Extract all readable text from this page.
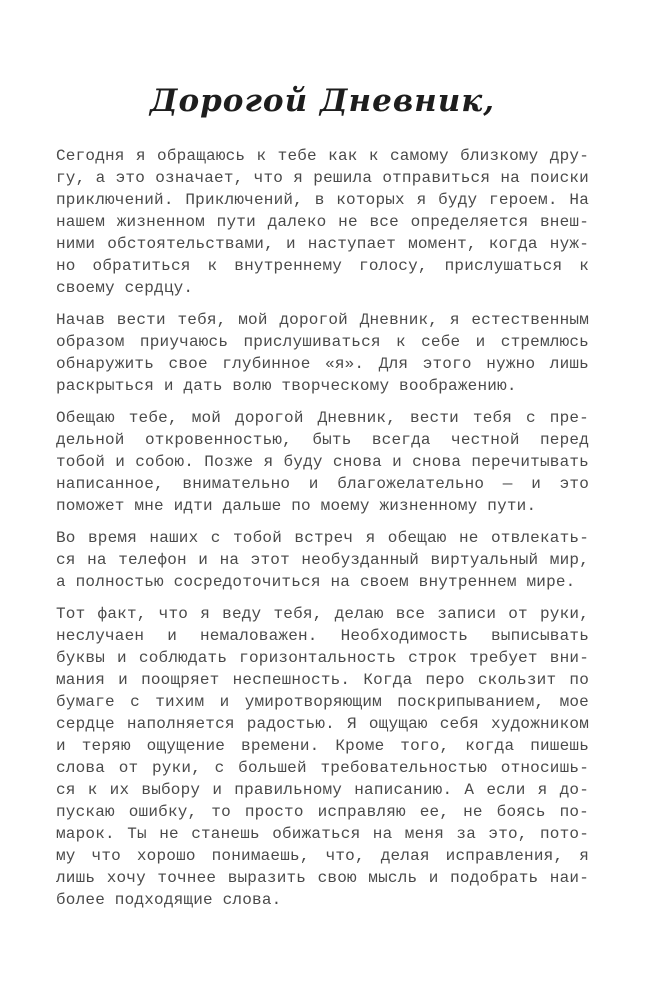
Дорогой Дневник,
Сегодня я обращаюсь к тебе как к самому близкому дру-
гу, а это означает, что я решила отправиться на поиски
приключений. Приключений, в которых я буду героем. На
нашем жизненном пути далеко не все определяется внеш-
ними обстоятельствами, и наступает момент, когда нуж-
но обратиться к внутреннему голосу, прислушаться к
своему сердцу.
Начав вести тебя, мой дорогой Дневник, я естественным
образом приучаюсь прислушиваться к себе и стремлюсь
обнаружить свое глубинное «я». Для этого нужно лишь
раскрыться и дать волю творческому воображению.
Обещаю тебе, мой дорогой Дневник, вести тебя с пре-
дельной откровенностью, быть всегда честной перед
тобой и собою. Позже я буду снова и снова перечитывать
написанное, внимательно и благожелательно — и это
поможет мне идти дальше по моему жизненному пути.
Во время наших с тобой встреч я обещаю не отвлекать-
ся на телефон и на этот необузданный виртуальный мир,
а полностью сосредоточиться на своем внутреннем мире.
Тот факт, что я веду тебя, делаю все записи от руки,
неслучаен и немаловажен. Необходимость выписывать
буквы и соблюдать горизонтальность строк требует вни-
мания и поощряет неспешность. Когда перо скользит по
бумаге с тихим и умиротворяющим поскрипыванием, мое
сердце наполняется радостью. Я ощущаю себя художником
и теряю ощущение времени. Кроме того, когда пишешь
слова от руки, с большей требовательностью относишь-
ся к их выбору и правильному написанию. А если я до-
пускаю ошибку, то просто исправляю ее, не боясь по-
марок. Ты не станешь обижаться на меня за это, пото-
му что хорошо понимаешь, что, делая исправления, я
лишь хочу точнее выразить свою мысль и подобрать наи-
более подходящие слова.
